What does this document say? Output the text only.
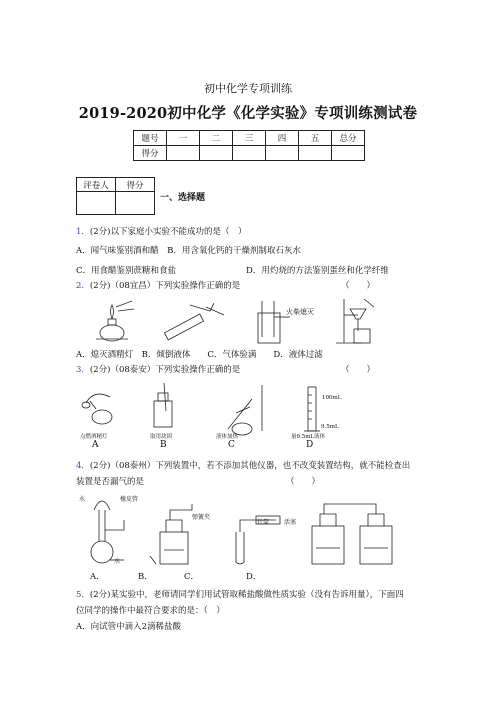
初中化学专项训练
2019-2020初中化学《化学实验》专项训练测试卷
题号	一	二	三	四	五	总分
得分						
评卷人	得分

一、选择题
1．(2分)以下家庭小实验不能成功的是（　）
A．闻气味鉴别酒和醋　B．用含氧化钙的干燥剂制取石灰水
C．用食醋鉴别蔗糖和食盐	D．用灼烧的方法鉴别蛋丝和化学纤维
2．(2分)（08宜昌）下列实验操作正确的是	（　　）
火柴熄灭
A．熄灭酒精灯　B．倾倒液体　　C．气体验满　　D．液体过滤
3．(2分)（08泰安）下列实验操作正确的是	（　　）
100mL
9.5mL
点燃酒精灯	取用块固	液体加热	量9.5mL液体
A	B	C	D
4．(2分)（08泰州）下列装置中，若不添加其他仪器，也不改变装置结构，就不能检查出
装置是否漏气的是	（　　）
水	橡皮管
水
弹簧夹
针筒 活塞
A．	B．	C．	D．
5．(2分)某实验中，老师请同学们用试管取稀盐酸做性质实验（没有告诉用量），下面四
位同学的操作中最符合要求的是：（　）
A．向试管中滴入2滴稀盐酸
